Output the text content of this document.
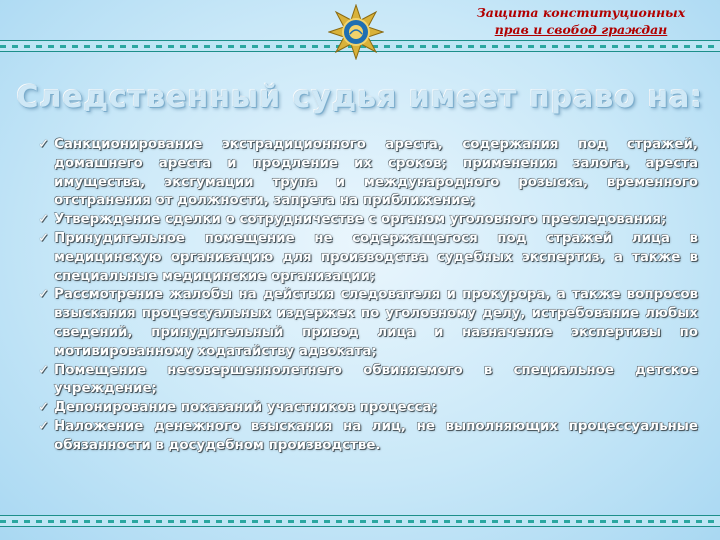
Защита конституционных
прав и свобод граждан
Следственный судья имеет право на:
✓ Санкционирование экстрадиционного ареста, содержания под стражей, домашнего ареста и продление их сроков; применения залога, ареста имущества, эксгумации трупа и международного розыска, временного отстранения от должности, запрета на приближение;
✓ Утверждение сделки о сотрудничестве с органом уголовного преследования;
✓ Принудительное помещение не содержащегося под стражей лица в медицинскую организацию для производства судебных экспертиз, а также в специальные медицинские организации;
✓ Рассмотрение жалобы на действия следователя и прокурора, а также вопросов взыскания процессуальных издержек по уголовному делу, истребование любых сведений, принудительный привод лица и назначение экспертизы по мотивированному ходатайству адвоката;
✓ Помещение несовершеннолетнего обвиняемого в специальное детское учреждение;
✓ Депонирование показаний участников процесса;
✓ Наложение денежного взыскания на лиц, не выполняющих процессуальные обязанности в досудебном производстве.
